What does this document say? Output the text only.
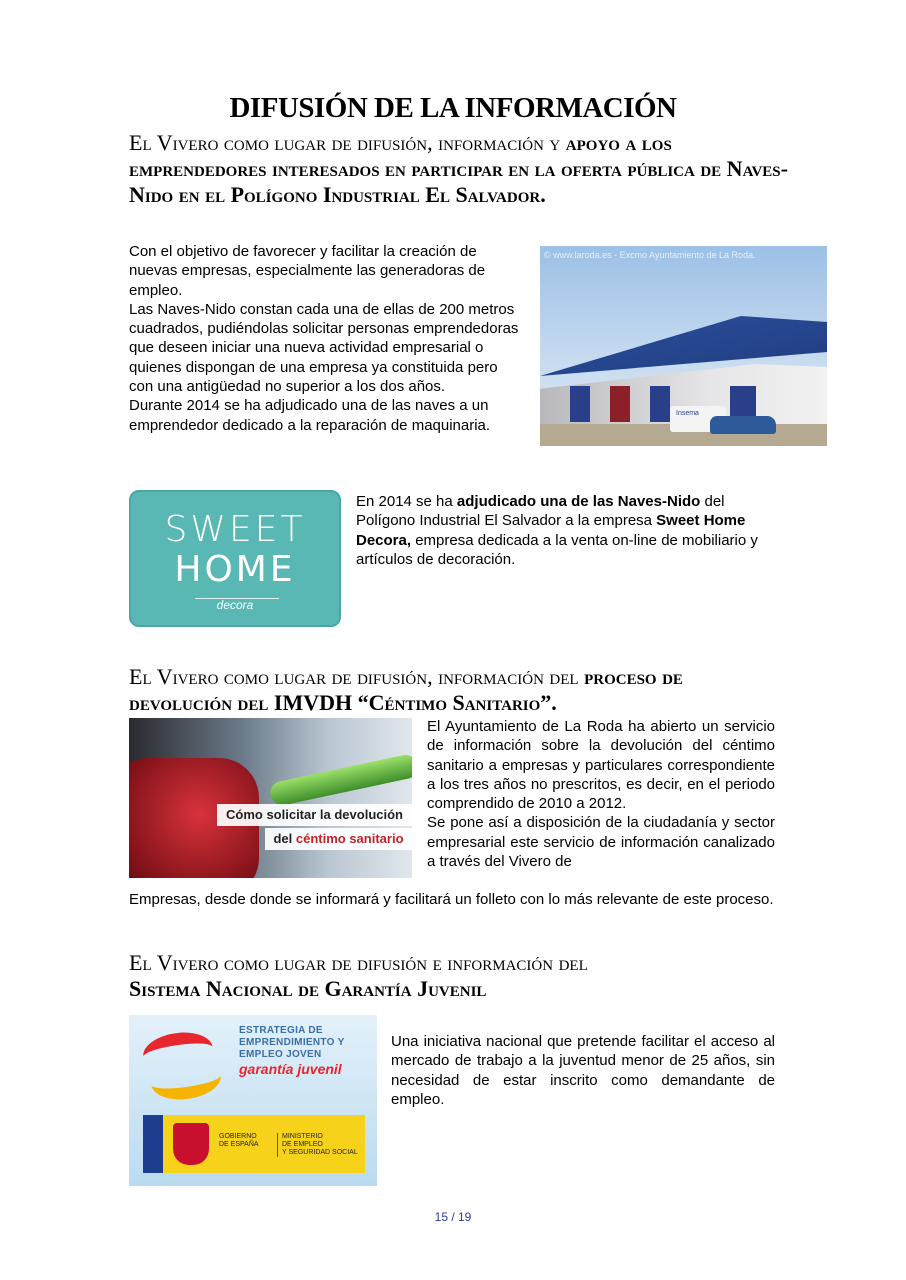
DIFUSIÓN DE LA INFORMACIÓN
El Vivero como lugar de difusión, información y apoyo a los emprendedores interesados en participar en la oferta pública de Naves-Nido en el Polígono Industrial El Salvador.

Con el objetivo de favorecer y facilitar la creación de nuevas empresas, especialmente las generadoras de empleo.

Las Naves-Nido constan cada una de ellas de 200 metros cuadrados, pudiéndolas solicitar personas emprendedoras que deseen iniciar una nueva actividad empresarial o quienes dispongan de una empresa ya constituida pero con una antigüedad no superior a los dos años.

Durante 2014 se ha adjudicado una de las naves a un emprendedor dedicado a la reparación de maquinaria.

Insema
© www.laroda.es - Excmo Ayuntamiento de La Roda.
SWEET
HOME
decora
En 2014 se ha adjudicado una de las Naves-Nido del Polígono Industrial El Salvador a la empresa Sweet Home Decora, empresa dedicada a la venta on-line de mobiliario y artículos de decoración.
El Vivero como lugar de difusión, información del proceso de devolución del IMVDH “Céntimo Sanitario”.
Cómo solicitar la devolución
del céntimo sanitario

El Ayuntamiento de La Roda ha abierto un servicio de información sobre la devolución del céntimo sanitario a empresas y particulares correspondiente a los tres años no prescritos, es decir, en el periodo comprendido de 2010 a 2012.

Se pone así a disposición de la ciudadanía y sector empresarial este servicio de información canalizado a través del Vivero de

Empresas, desde donde se informará y facilitará un folleto con lo más relevante de este proceso.
El Vivero como lugar de difusión e información del
Sistema Nacional de Garantía Juvenil
ESTRATEGIA DE
EMPRENDIMIENTO Y
EMPLEO JOVEN
garantía juvenil
GOBIERNO
DE ESPAÑA
MINISTERIO
DE EMPLEO
Y SEGURIDAD SOCIAL
Una iniciativa nacional que pretende facilitar el acceso al mercado de trabajo a la juventud menor de 25 años, sin necesidad de estar inscrito como demandante de empleo.
15 / 19
